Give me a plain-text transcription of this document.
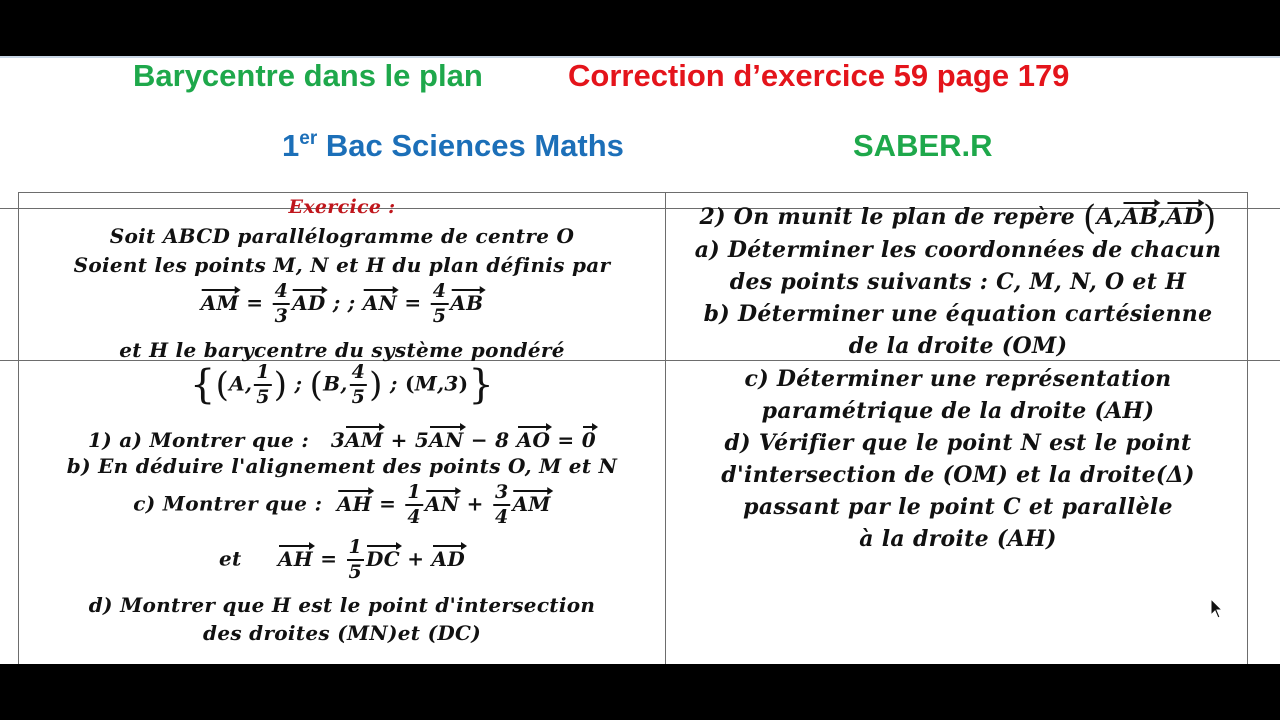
Barycentre dans le plan	Correction d’exercice 59 page 179
1er Bac Sciences Maths	SABER.R
Exercice :
Soit ABCD parallélogramme de centre O
Soient les points M, N et H du plan définis par
AM = $\frac{4}{3}$ AD ; ; AN = $\frac{4}{5}$ AB
et H le barycentre du système pondéré
{(A, $\frac{1}{5}$ ) ; (B, $\frac{4}{5}$ ) ; (M,3)}
1) a) Montrer que :   3AM + 5AN − 8 AO = 0
b) En déduire l'alignement des points O, M et N
c) Montrer que : AH = $\frac{1}{4}$ AN + $\frac{3}{4}$ AM
et AH = $\frac{1}{5}$ DC + AD
d) Montrer que H est le point d'intersection
des droites (MN)et (DC)
2) On munit le plan de repère (A,AB,AD)
a) Déterminer les coordonnées de chacun
des points suivants : C, M, N, O et H
b) Déterminer une équation cartésienne
de la droite (OM)
c) Déterminer une représentation
paramétrique de la droite (AH)
d) Vérifier que le point N est le point
d'intersection de (OM) et la droite(Δ)
passant par le point C et parallèle
à la droite (AH)
